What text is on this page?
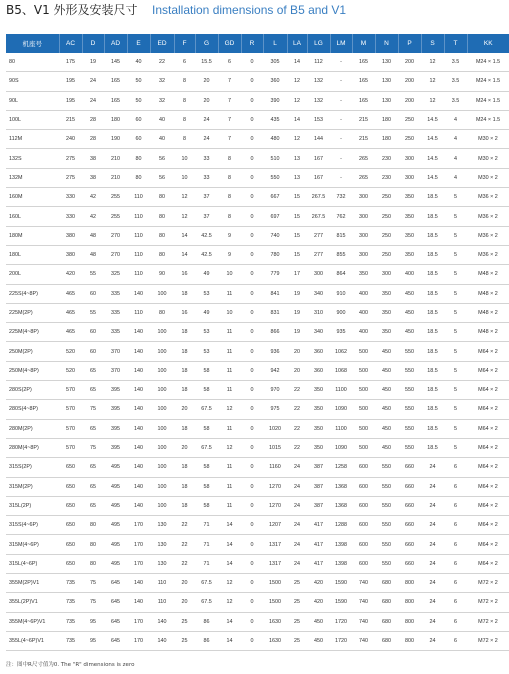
B5、V1 外形及安装尺寸 Installation dimensions of B5 and V1
机座号	AC	D	AD	E	ED	F	G	GD	R	L	LA	LG	LM	M	N	P	S	T	KK
80	175	19	145	40	22	6	15.5	6	0	305	14	112	-	165	130	200	12	3.5	M24 × 1.5
90S	195	24	165	50	32	8	20	7	0	360	12	132	-	165	130	200	12	3.5	M24 × 1.5
90L	195	24	165	50	32	8	20	7	0	390	12	132	-	165	130	200	12	3.5	M24 × 1.5
100L	215	28	180	60	40	8	24	7	0	435	14	153	-	215	180	250	14.5	4	M24 × 1.5
112M	240	28	190	60	40	8	24	7	0	480	12	144	-	215	180	250	14.5	4	M30 × 2
132S	275	38	210	80	56	10	33	8	0	510	13	167	-	265	230	300	14.5	4	M30 × 2
132M	275	38	210	80	56	10	33	8	0	550	13	167	-	265	230	300	14.5	4	M30 × 2
160M	330	42	255	110	80	12	37	8	0	667	15	267.5	732	300	250	350	18.5	5	M36 × 2
160L	330	42	255	110	80	12	37	8	0	697	15	267.5	762	300	250	350	18.5	5	M36 × 2
180M	380	48	270	110	80	14	42.5	9	0	740	15	277	815	300	250	350	18.5	5	M36 × 2
180L	380	48	270	110	80	14	42.5	9	0	780	15	277	855	300	250	350	18.5	5	M36 × 2
200L	420	55	325	110	90	16	49	10	0	779	17	300	864	350	300	400	18.5	5	M48 × 2
225S(4~8P)	465	60	335	140	100	18	53	11	0	841	19	340	910	400	350	450	18.5	5	M48 × 2
225M(2P)	465	55	335	110	80	16	49	10	0	831	19	310	900	400	350	450	18.5	5	M48 × 2
225M(4~8P)	465	60	335	140	100	18	53	11	0	866	19	340	935	400	350	450	18.5	5	M48 × 2
250M(2P)	520	60	370	140	100	18	53	11	0	936	20	360	1062	500	450	550	18.5	5	M64 × 2
250M(4~8P)	520	65	370	140	100	18	58	11	0	942	20	360	1068	500	450	550	18.5	5	M64 × 2
280S(2P)	570	65	395	140	100	18	58	11	0	970	22	350	1100	500	450	550	18.5	5	M64 × 2
280S(4~8P)	570	75	395	140	100	20	67.5	12	0	975	22	350	1090	500	450	550	18.5	5	M64 × 2
280M(2P)	570	65	395	140	100	18	58	11	0	1020	22	350	1100	500	450	550	18.5	5	M64 × 2
280M(4~8P)	570	75	395	140	100	20	67.5	12	0	1015	22	350	1090	500	450	550	18.5	5	M64 × 2
315S(2P)	650	65	495	140	100	18	58	11	0	1160	24	387	1258	600	550	660	24	6	M64 × 2
315M(2P)	650	65	495	140	100	18	58	11	0	1270	24	387	1368	600	550	660	24	6	M64 × 2
315L(2P)	650	65	495	140	100	18	58	11	0	1270	24	387	1368	600	550	660	24	6	M64 × 2
315S(4~6P)	650	80	495	170	130	22	71	14	0	1207	24	417	1288	600	550	660	24	6	M64 × 2
315M(4~6P)	650	80	495	170	130	22	71	14	0	1317	24	417	1398	600	550	660	24	6	M64 × 2
315L(4~6P)	650	80	495	170	130	22	71	14	0	1317	24	417	1398	600	550	660	24	6	M64 × 2
355M(2P)V1	735	75	645	140	110	20	67.5	12	0	1500	25	420	1590	740	680	800	24	6	M72 × 2
355L(2P)V1	735	75	645	140	110	20	67.5	12	0	1500	25	420	1590	740	680	800	24	6	M72 × 2
355M(4~6P)V1	735	95	645	170	140	25	86	14	0	1630	25	450	1720	740	680	800	24	6	M72 × 2
355L(4~6P)V1	735	95	645	170	140	25	86	14	0	1630	25	450	1720	740	680	800	24	6	M72 × 2
注：图中R尺寸值为0. The "R" dimensions is zero
